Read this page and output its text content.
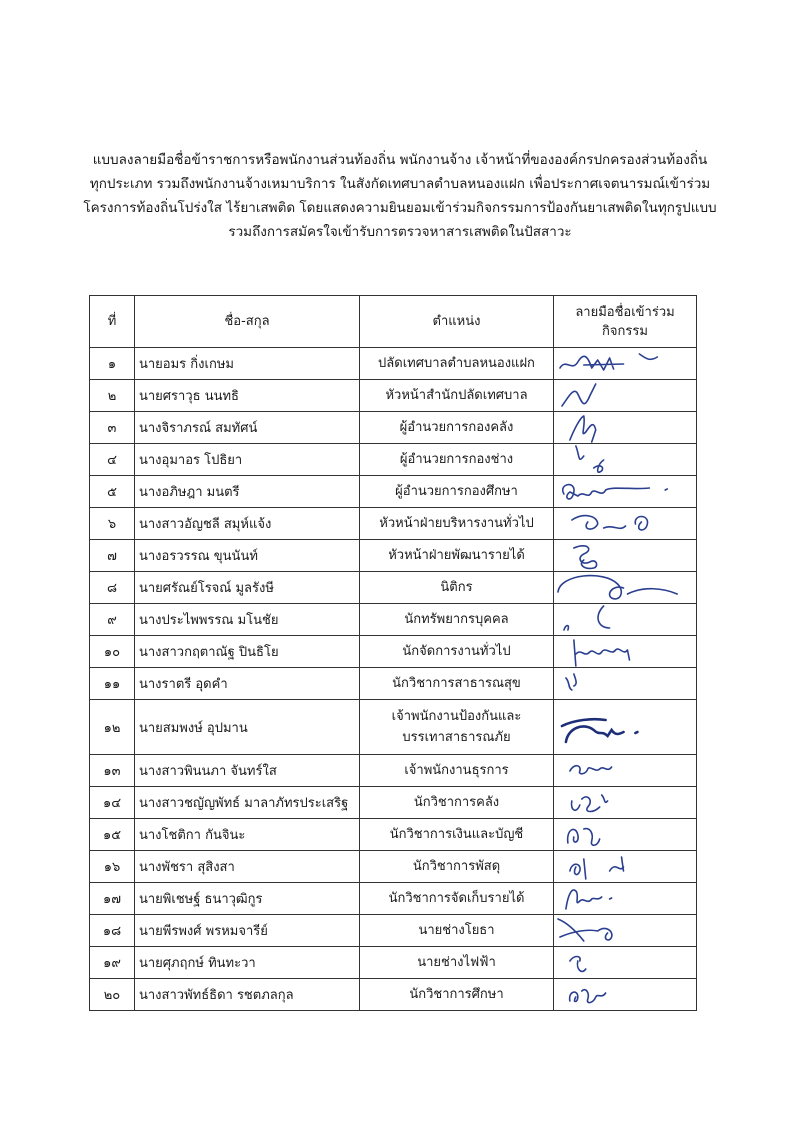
แบบลงลายมือชื่อข้าราชการหรือพนักงานส่วนท้องถิ่น พนักงานจ้าง เจ้าหน้าที่ขององค์กรปกครองส่วนท้องถิ่น
ทุกประเภท รวมถึงพนักงานจ้างเหมาบริการ ในสังกัดเทศบาลตำบลหนองแฝก เพื่อประกาศเจตนารมณ์เข้าร่วม
โครงการท้องถิ่นโปร่งใส ไร้ยาเสพติด โดยแสดงความยินยอมเข้าร่วมกิจกรรมการป้องกันยาเสพติดในทุกรูปแบบ
รวมถึงการสมัครใจเข้ารับการตรวจหาสารเสพติดในปัสสาวะ
ที่	ชื่อ-สกุล	ตำแหน่ง	ลายมือชื่อเข้าร่วม
กิจกรรม
๑	นายอมร กิ่งเกษม	ปลัดเทศบาลตำบลหนองแฝก	

๒	นายศราวุธ นนทธิ	หัวหน้าสำนักปลัดเทศบาล	

๓	นางจิราภรณ์ สมทัศน์	ผู้อำนวยการกองคลัง	

๔	นางอุมาอร โปธิยา	ผู้อำนวยการกองช่าง	

๕	นางอภิษฎา มนตรี	ผู้อำนวยการกองศึกษา	

๖	นางสาวอัญชลี สมุห์แจ้ง	หัวหน้าฝ่ายบริหารงานทั่วไป	

๗	นางอรวรรณ ขุนนันท์	หัวหน้าฝ่ายพัฒนารายได้	

๘	นายศรัณย์โรจณ์ มูลรังษี	นิติกร	

๙	นางประไพพรรณ มโนชัย	นักทรัพยากรบุคคล	

๑๐	นางสาวกฤตาณัฐ ปินธิโย	นักจัดการงานทั่วไป	

๑๑	นางราตรี อุดคำ	นักวิชาการสาธารณสุข	

๑๒	นายสมพงษ์ อุปมาน	เจ้าพนักงานป้องกันและ
บรรเทาสาธารณภัย	

๑๓	นางสาวพินนภา จันทร์ใส	เจ้าพนักงานธุรการ	

๑๔	นางสาวชญัญพัทธ์ มาลาภัทรประเสริฐ	นักวิชาการคลัง	

๑๕	นางโชติกา กันจินะ	นักวิชาการเงินและบัญชี	

๑๖	นางพัชรา สุสิงสา	นักวิชาการพัสดุ	

๑๗	นายพิเชษฐ์ ธนาวุฒิกูร	นักวิชาการจัดเก็บรายได้	

๑๘	นายพีรพงศ์ พรหมจารีย์	นายช่างโยธา	

๑๙	นายศุภฤกษ์ ทินทะวา	นายช่างไฟฟ้า	

๒๐	นางสาวพัทธ์ธิดา รชตภลกุล	นักวิชาการศึกษา	
